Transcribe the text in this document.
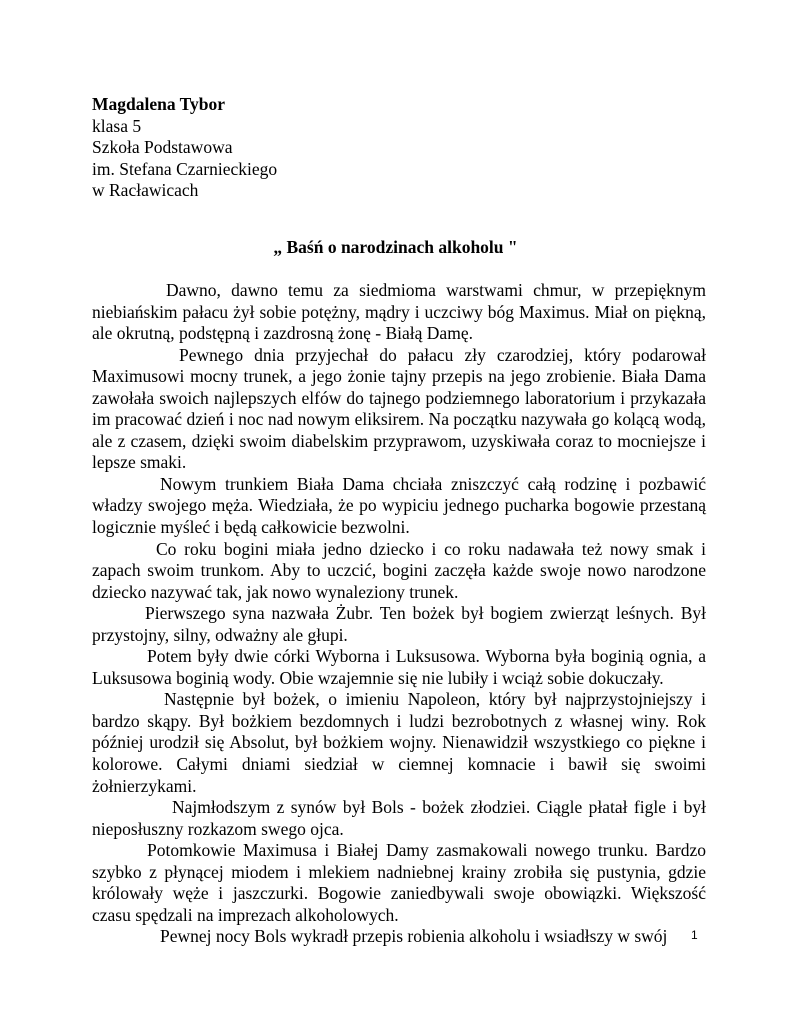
Magdalena Tybor
klasa 5
Szkoła Podstawowa
im. Stefana Czarnieckiego
w Racławicach
„ Baśń o narodzinach alkoholu "

Dawno, dawno temu za siedmioma warstwami chmur, w przepięknym niebiańskim pałacu żył sobie potężny, mądry i uczciwy bóg Maximus. Miał on piękną, ale okrutną, podstępną i zazdrosną żonę - Białą Damę.

Pewnego dnia przyjechał do pałacu zły czarodziej, który podarował Maximusowi mocny trunek, a jego żonie tajny przepis na jego zrobienie. Biała Dama zawołała swoich najlepszych elfów do tajnego podziemnego laboratorium i przykazała im pracować dzień i noc nad nowym eliksirem. Na początku nazywała go kolącą wodą, ale z czasem, dzięki swoim diabelskim przyprawom, uzyskiwała coraz to mocniejsze i lepsze smaki.

Nowym trunkiem Biała Dama chciała zniszczyć całą rodzinę i pozbawić władzy swojego męża. Wiedziała, że po wypiciu jednego pucharka bogowie przestaną logicznie myśleć i będą całkowicie bezwolni.

Co roku bogini miała jedno dziecko i co roku nadawała też nowy smak i zapach swoim trunkom. Aby to uczcić, bogini zaczęła każde swoje nowo narodzone dziecko nazywać tak, jak nowo wynaleziony trunek.

Pierwszego syna nazwała Żubr. Ten bożek był bogiem zwierząt leśnych. Był przystojny, silny, odważny ale głupi.

Potem były dwie córki Wyborna i Luksusowa. Wyborna była boginią ognia, a Luksusowa boginią wody. Obie wzajemnie się nie lubiły i wciąż sobie dokuczały.

Następnie był bożek, o imieniu Napoleon, który był najprzystojniejszy i bardzo skąpy. Był bożkiem bezdomnych i ludzi bezrobotnych z własnej winy. Rok później urodził się Absolut, był bożkiem wojny. Nienawidził wszystkiego co piękne i kolorowe. Całymi dniami siedział w ciemnej komnacie i bawił się swoimi żołnierzykami.

Najmłodszym z synów był Bols - bożek złodziei. Ciągle płatał figle i był nieposłuszny rozkazom swego ojca.

Potomkowie Maximusa i Białej Damy zasmakowali nowego trunku. Bardzo szybko z płynącej miodem i mlekiem nadniebnej krainy zrobiła się pustynia, gdzie królowały węże i jaszczurki. Bogowie zaniedbywali swoje obowiązki. Większość czasu spędzali na imprezach alkoholowych.

Pewnej nocy Bols wykradł przepis robienia alkoholu i wsiadłszy w swój	1
